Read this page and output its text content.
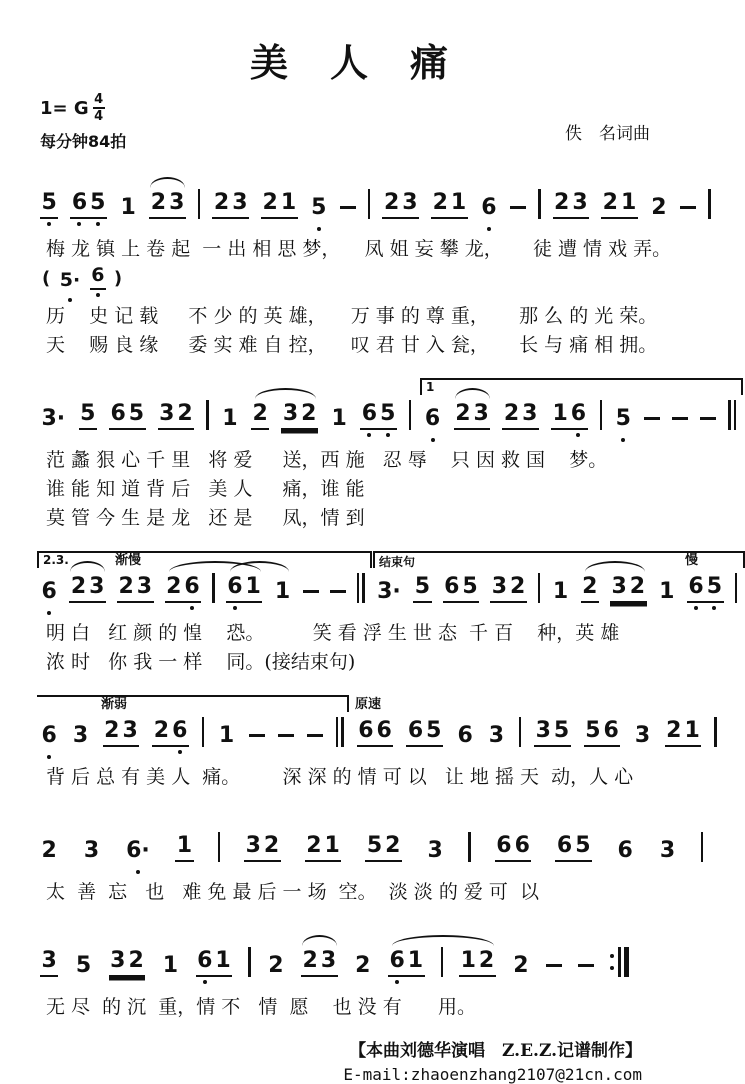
美　人　痛
1= G $\frac{4}{4}$
每分钟84拍	佚　名词曲
5 6 5 1 2 3 2 3 2 1 5	2 3 2 1 6	2 3 2 1 2
梅 龙 镇 上 卷 起  一 出 相 思 梦，    凤 姐 妄 攀 龙，     徒 遭 情 戏 弄。
( 5· 6 )
历    史 记 载     不 少 的 英 雄，    万 事 的 尊 重，     那 么 的 光 荣。
天    赐 良 缘     委 实 难 自 控，    叹 君 甘 入 瓮，     长 与 痛 相 拥。
3· 5 6 5 3 2 1 2 3 2 1 6 5 6 2 3 2 3 1 6 5
1
范 蠡 狠 心 千 里   将 爱     送，西 施   忍 辱    只 因 救 国    梦。
谁 能 知 道 背 后   美 人     痛，谁 能
莫 管 今 生 是 龙   还 是     凤，情 到
6 2 3 2 3 2 6 6 1 1	3· 5 6 5 3 2 1 2 3 2 1 6 5
渐慢	慢
2.3.	结束句
明 白   红 颜 的 惶    恐。        笑 看 浮 生 世 态  千 百    种，英 雄
浓 时   你 我 一 样    同。(接结束句)
6 3 2 3 2 6 1	6 6 6 5 6 3 3 5 5 6 3 2 1
渐弱	原速
背 后 总 有 美 人  痛。       深 深 的 情 可 以   让 地 摇 天  动，人 心
2 3 6· 1 3 2 2 1 5 2 3 6 6 6 5 6 3
太  善  忘   也   难 免 最 后 一 场  空。  淡 淡 的 爱 可  以
3 5 3 2 1 6 1 2 2 3 2 6 1 1 2 2
无 尽  的 沉  重，情 不   情  愿    也 没 有      用。
【本曲刘德华演唱　Z.E.Z.记谱制作】
E-mail:zhaoenzhang2107@21cn.com
